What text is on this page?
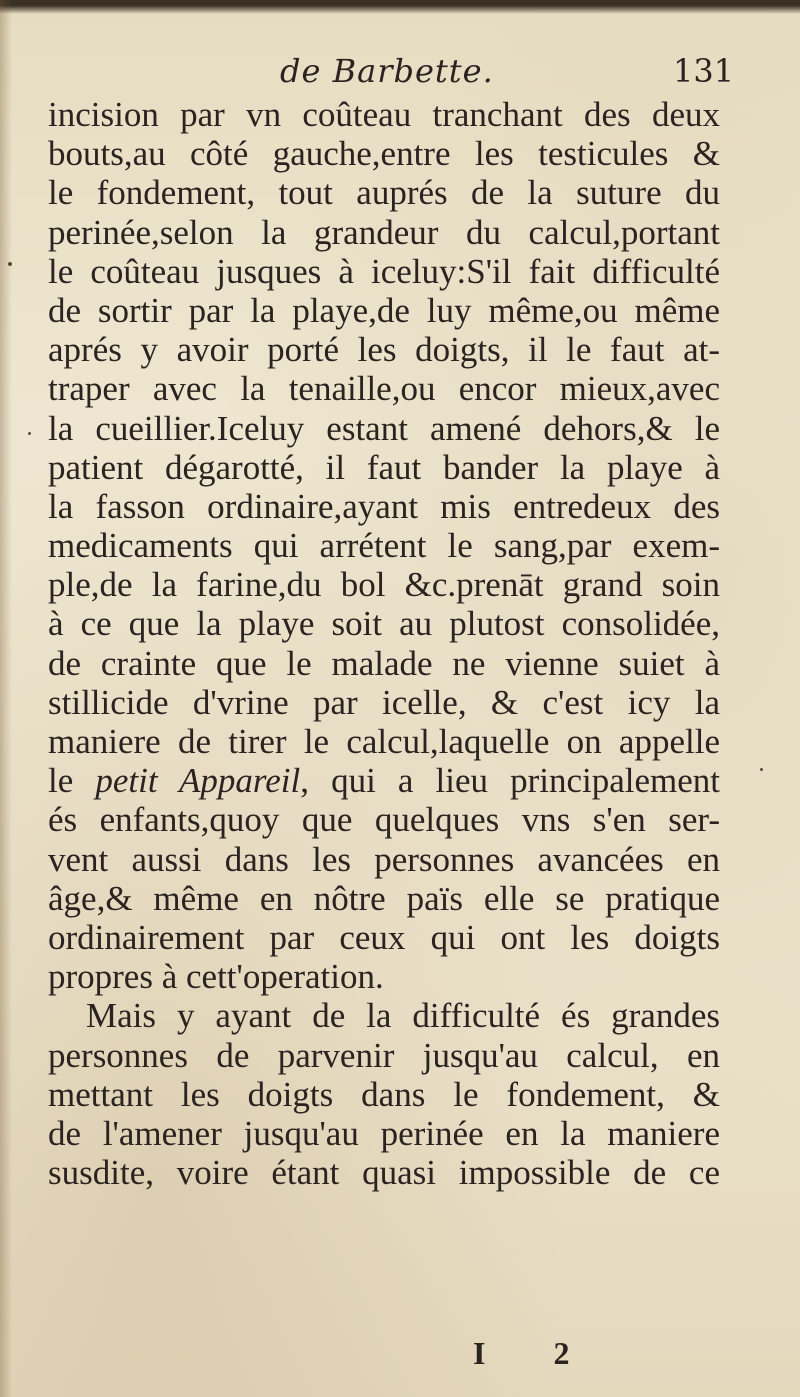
de Barbette.	131
incision par vn coûteau tranchant des deux
bouts,au côté gauche,entre les testicules &
le fondement, tout auprés de la suture du
perinée,selon la grandeur du calcul,portant
le coûteau jusques à iceluy:S'il fait difficulté
de sortir par la playe,de luy même,ou même
aprés y avoir porté les doigts, il le faut at-
traper avec la tenaille,ou encor mieux,avec
la cueillier.Iceluy estant amené dehors,& le
patient dégarotté, il faut bander la playe à
la fasson ordinaire,ayant mis entredeux des
medicaments qui arrétent le sang,par exem-
ple,de la farine,du bol &c.prenāt grand soin
à ce que la playe soit au plutost consolidée,
de crainte que le malade ne vienne suiet à
stillicide d'vrine par icelle, & c'est icy la
maniere de tirer le calcul,laquelle on appelle
le petit Appareil, qui a lieu principalement
és enfants,quoy que quelques vns s'en ser-
vent aussi dans les personnes avancées en
âge,& même en nôtre païs elle se pratique
ordinairement par ceux qui ont les doigts
propres à cett'operation.
Mais y ayant de la difficulté és grandes
personnes de parvenir jusqu'au calcul, en
mettant les doigts dans le fondement, &
de l'amener jusqu'au perinée en la maniere
susdite, voire étant quasi impossible de ce
I 2
